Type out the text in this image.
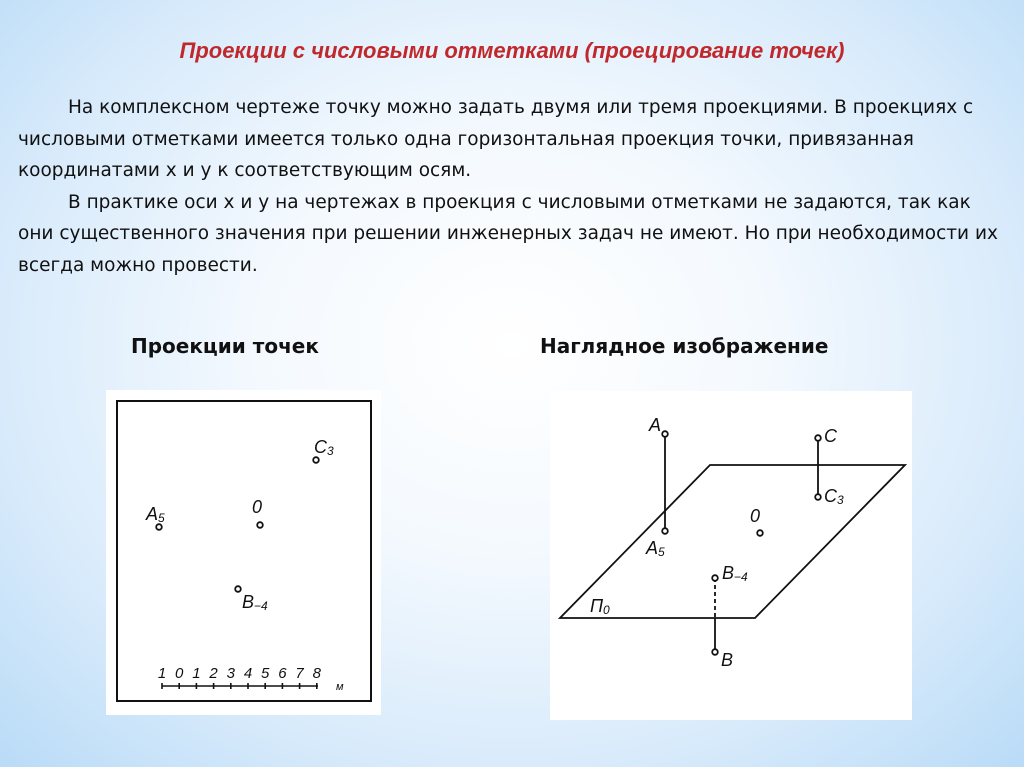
Проекции с числовыми отметками (проецирование точек)

На комплексном чертеже точку можно задать двумя или тремя проекциями. В проекциях с числовыми отметками имеется только одна горизонтальная проекция точки, привязанная координатами x и y к соответствующим осям.

В практике оси x и y на чертежах в проекция с числовыми отметками не задаются, так как они существенного значения при решении инженерных задач не имеют. Но при необходимости их всегда можно провести.

Проекции точек	Наглядное изображение
C3
A5
0
B−4
1 0 1 2 3 4 5 6 7 8
м
A
A5
C
C3
0
B−4
B
П0
